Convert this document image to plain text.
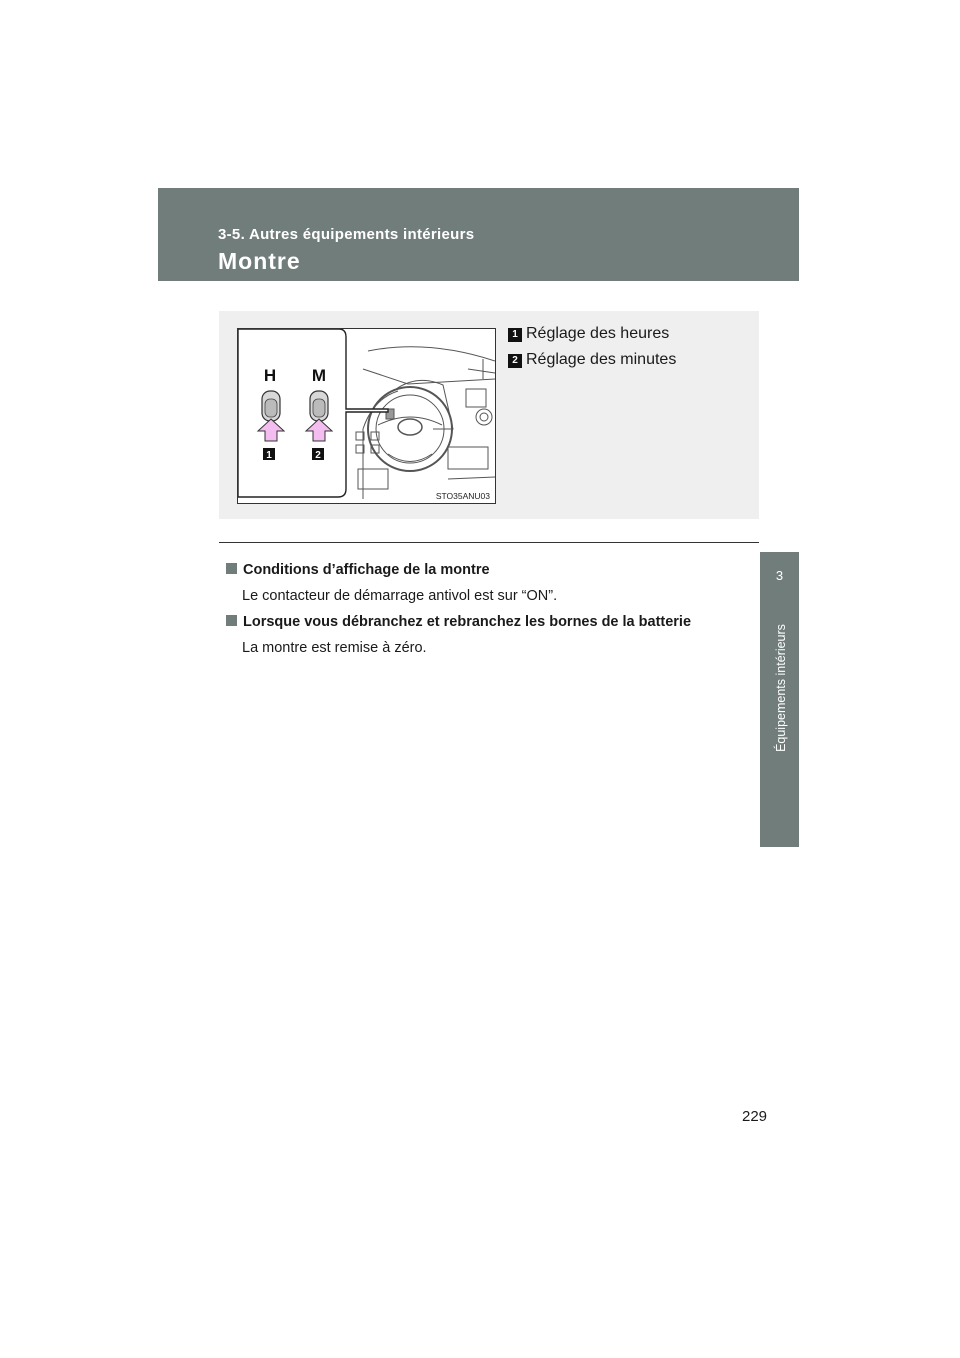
3-5. Autres équipements intérieurs
Montre
3
Équipements intérieurs
H M
1	2
STO35ANU03
1 Réglage des heures
2 Réglage des minutes
Conditions d’affichage de la montre
Le contacteur de démarrage antivol est sur “ON”.
Lorsque vous débranchez et rebranchez les bornes de la batterie
La montre est remise à zéro.
229
